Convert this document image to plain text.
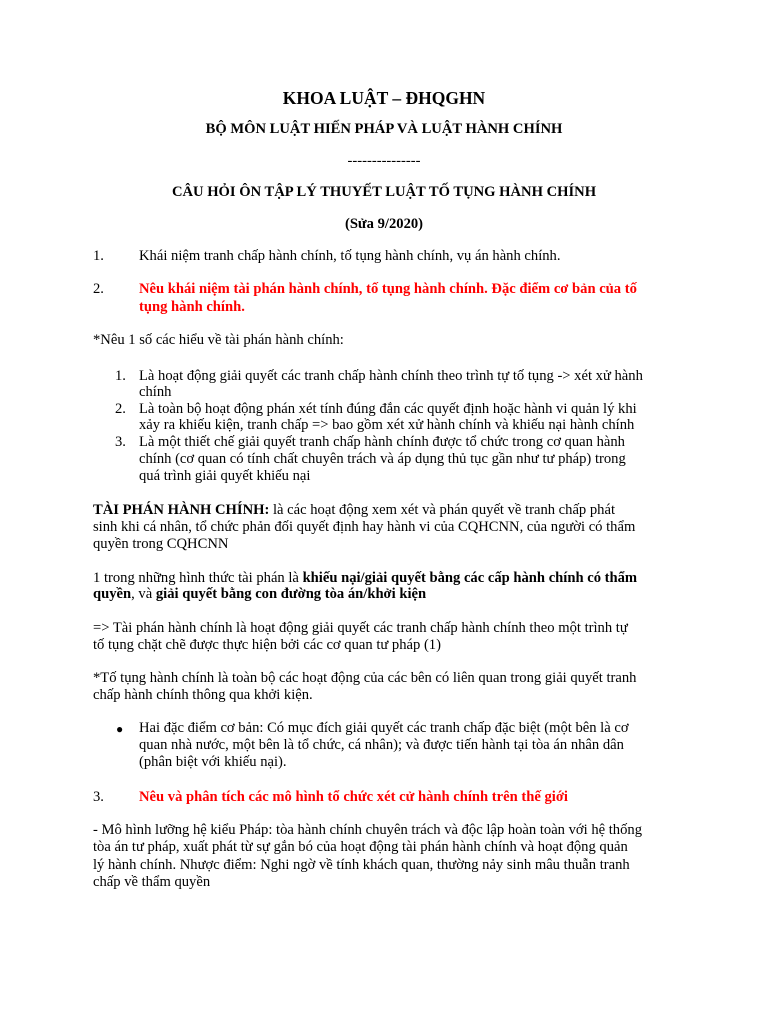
KHOA LUẬT – ĐHQGHN
BỘ MÔN LUẬT HIẾN PHÁP VÀ LUẬT HÀNH CHÍNH
---------------
CÂU HỎI ÔN TẬP LÝ THUYẾT LUẬT TỐ TỤNG HÀNH CHÍNH
(Sửa 9/2020)
1. Khái niệm tranh chấp hành chính, tố tụng hành chính, vụ án hành chính.
2. Nêu khái niệm tài phán hành chính, tố tụng hành chính. Đặc điểm cơ bản của tố
tụng hành chính.
*Nêu 1 số các hiểu về tài phán hành chính:
1. Là hoạt động giải quyết các tranh chấp hành chính theo trình tự tố tụng -> xét xử hành
chính
2. Là toàn bộ hoạt động phán xét tính đúng đắn các quyết định hoặc hành vi quản lý khi
xảy ra khiếu kiện, tranh chấp => bao gồm xét xử hành chính và khiếu nại hành chính
3. Là một thiết chế giải quyết tranh chấp hành chính được tổ chức trong cơ quan hành
chính (cơ quan có tính chất chuyên trách và áp dụng thủ tục gần như tư pháp) trong
quá trình giải quyết khiếu nại
TÀI PHÁN HÀNH CHÍNH: là các hoạt động xem xét và phán quyết về tranh chấp phát
sinh khi cá nhân, tổ chức phản đối quyết định hay hành vi của CQHCNN, của người có thẩm
quyền trong CQHCNN
1 trong những hình thức tài phán là khiếu nại/giải quyết bằng các cấp hành chính có thẩm
quyền, và giải quyết bằng con đường tòa án/khởi kiện
=> Tài phán hành chính là hoạt động giải quyết các tranh chấp hành chính theo một trình tự
tố tụng chặt chẽ được thực hiện bởi các cơ quan tư pháp (1)
*Tố tụng hành chính là toàn bộ các hoạt động của các bên có liên quan trong giải quyết tranh
chấp hành chính thông qua khởi kiện.
● Hai đặc điểm cơ bản: Có mục đích giải quyết các tranh chấp đặc biệt (một bên là cơ
quan nhà nước, một bên là tổ chức, cá nhân); và được tiến hành tại tòa án nhân dân
(phân biệt với khiếu nại).
3. Nêu và phân tích các mô hình tổ chức xét cử hành chính trên thế giới
- Mô hình lưỡng hệ kiểu Pháp: tòa hành chính chuyên trách và độc lập hoàn toàn với hệ thống
tòa án tư pháp, xuất phát từ sự gắn bó của hoạt động tài phán hành chính và hoạt động quản
lý hành chính. Nhược điểm: Nghi ngờ về tính khách quan, thường nảy sinh mâu thuẫn tranh
chấp về thẩm quyền
